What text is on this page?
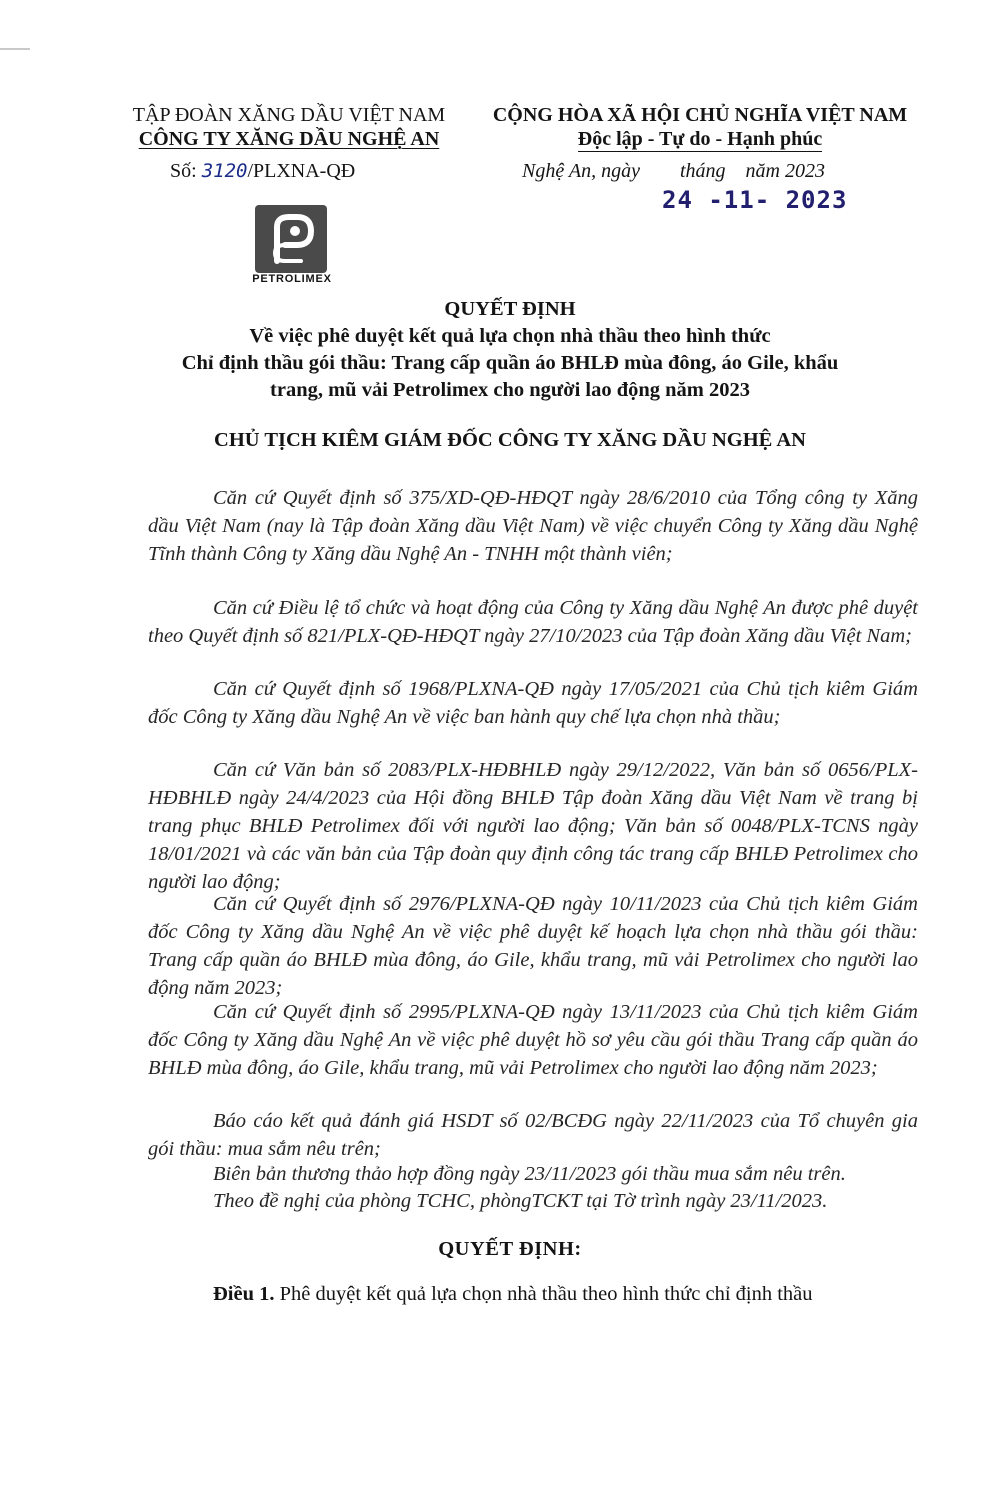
TẬP ĐOÀN XĂNG DẦU VIỆT NAM
CÔNG TY XĂNG DẦU NGHỆ AN
Số: 3120/PLXNA-QĐ
CỘNG HÒA XÃ HỘI CHỦ NGHĨA VIỆT NAM
Độc lập - Tự do - Hạnh phúc
Nghệ An, ngày        tháng    năm 2023
24 -11- 2023
PETROLIMEX
QUYẾT ĐỊNH
Về việc phê duyệt kết quả lựa chọn nhà thầu theo hình thức
Chỉ định thầu gói thầu: Trang cấp quần áo BHLĐ mùa đông, áo Gile, khẩu
trang, mũ vải Petrolimex cho người lao động năm 2023
CHỦ TỊCH KIÊM GIÁM ĐỐC CÔNG TY XĂNG DẦU NGHỆ AN
Căn cứ Quyết định số 375/XD-QĐ-HĐQT ngày 28/6/2010 của Tổng công ty Xăng dầu Việt Nam (nay là Tập đoàn Xăng dầu Việt Nam) về việc chuyển Công ty Xăng dầu Nghệ Tĩnh thành Công ty Xăng dầu Nghệ An - TNHH một thành viên;
Căn cứ Điều lệ tổ chức và hoạt động của Công ty Xăng dầu Nghệ An được phê duyệt theo Quyết định số 821/PLX-QĐ-HĐQT ngày 27/10/2023 của Tập đoàn Xăng dầu Việt Nam;
Căn cứ Quyết định số 1968/PLXNA-QĐ ngày 17/05/2021 của Chủ tịch kiêm Giám đốc Công ty Xăng dầu Nghệ An về việc ban hành quy chế lựa chọn nhà thầu;
Căn cứ Văn bản số 2083/PLX-HĐBHLĐ ngày 29/12/2022, Văn bản số 0656/PLX-HĐBHLĐ ngày 24/4/2023 của Hội đồng BHLĐ Tập đoàn Xăng dầu Việt Nam về trang bị trang phục BHLĐ Petrolimex đối với người lao động; Văn bản số 0048/PLX-TCNS ngày 18/01/2021 và các văn bản của Tập đoàn quy định công tác trang cấp BHLĐ Petrolimex cho người lao động;
Căn cứ Quyết định số 2976/PLXNA-QĐ ngày 10/11/2023 của Chủ tịch kiêm Giám đốc Công ty Xăng dầu Nghệ An về việc phê duyệt kế hoạch lựa chọn nhà thầu gói thầu: Trang cấp quần áo BHLĐ mùa đông, áo Gile, khẩu trang, mũ vải Petrolimex cho người lao động năm 2023;
Căn cứ Quyết định số 2995/PLXNA-QĐ ngày 13/11/2023 của Chủ tịch kiêm Giám đốc Công ty Xăng dầu Nghệ An về việc phê duyệt hồ sơ yêu cầu gói thầu Trang cấp quần áo BHLĐ mùa đông, áo Gile, khẩu trang, mũ vải Petrolimex cho người lao động năm 2023;
Báo cáo kết quả đánh giá HSDT số 02/BCĐG ngày 22/11/2023 của Tổ chuyên gia gói thầu: mua sắm nêu trên;
Biên bản thương thảo hợp đồng ngày 23/11/2023 gói thầu mua sắm nêu trên.
Theo đề nghị của phòng TCHC, phòngTCKT tại Tờ trình ngày 23/11/2023.
QUYẾT ĐỊNH:
Điều 1. Phê duyệt kết quả lựa chọn nhà thầu theo hình thức chỉ định thầu
